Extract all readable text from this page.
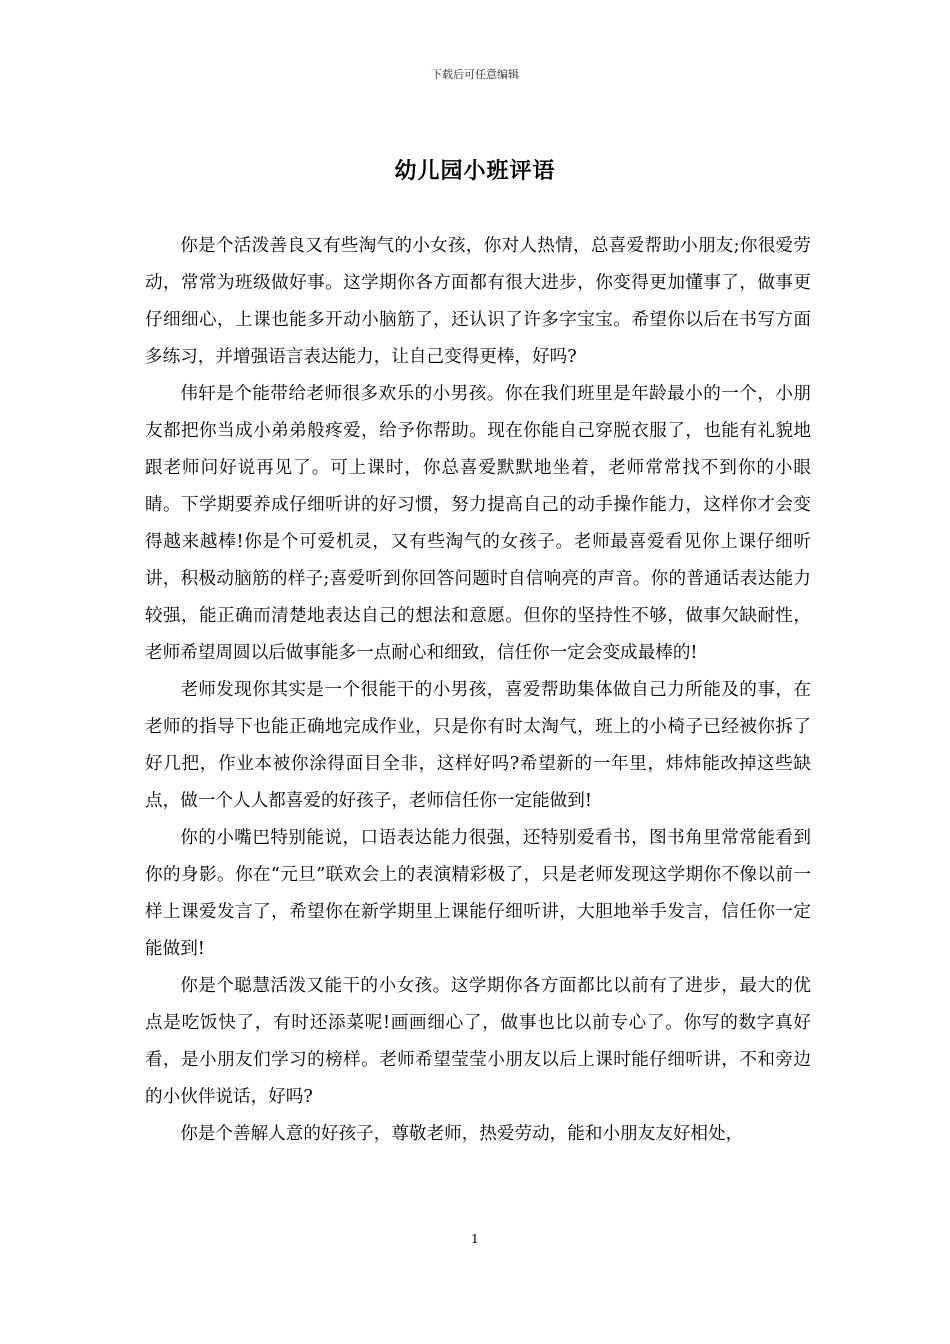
下载后可任意编辑
幼儿园小班评语

你是个活泼善良又有些淘气的小女孩，你对人热情，总喜爱帮助小朋友;你很爱劳动，常常为班级做好事。这学期你各方面都有很大进步，你变得更加懂事了，做事更仔细细心，上课也能多开动小脑筋了，还认识了许多字宝宝。希望你以后在书写方面多练习，并增强语言表达能力，让自己变得更棒，好吗?

伟轩是个能带给老师很多欢乐的小男孩。你在我们班里是年龄最小的一个，小朋友都把你当成小弟弟般疼爱，给予你帮助。现在你能自己穿脱衣服了，也能有礼貌地跟老师问好说再见了。可上课时，你总喜爱默默地坐着，老师常常找不到你的小眼睛。下学期要养成仔细听讲的好习惯，努力提高自己的动手操作能力，这样你才会变得越来越棒!你是个可爱机灵，又有些淘气的女孩子。老师最喜爱看见你上课仔细听讲，积极动脑筋的样子;喜爱听到你回答问题时自信响亮的声音。你的普通话表达能力较强，能正确而清楚地表达自己的想法和意愿。但你的坚持性不够，做事欠缺耐性，老师希望周圆以后做事能多一点耐心和细致，信任你一定会变成最棒的!

老师发现你其实是一个很能干的小男孩，喜爱帮助集体做自己力所能及的事，在老师的指导下也能正确地完成作业，只是你有时太淘气，班上的小椅子已经被你拆了好几把，作业本被你涂得面目全非，这样好吗?希望新的一年里，炜炜能改掉这些缺点，做一个人人都喜爱的好孩子，老师信任你一定能做到!

你的小嘴巴特别能说，口语表达能力很强，还特别爱看书，图书角里常常能看到你的身影。你在“元旦”联欢会上的表演精彩极了，只是老师发现这学期你不像以前一样上课爱发言了，希望你在新学期里上课能仔细听讲，大胆地举手发言，信任你一定能做到!

你是个聪慧活泼又能干的小女孩。这学期你各方面都比以前有了进步，最大的优点是吃饭快了，有时还添菜呢!画画细心了，做事也比以前专心了。你写的数字真好看，是小朋友们学习的榜样。老师希望莹莹小朋友以后上课时能仔细听讲，不和旁边的小伙伴说话，好吗?

你是个善解人意的好孩子，尊敬老师，热爱劳动，能和小朋友友好相处，

1
